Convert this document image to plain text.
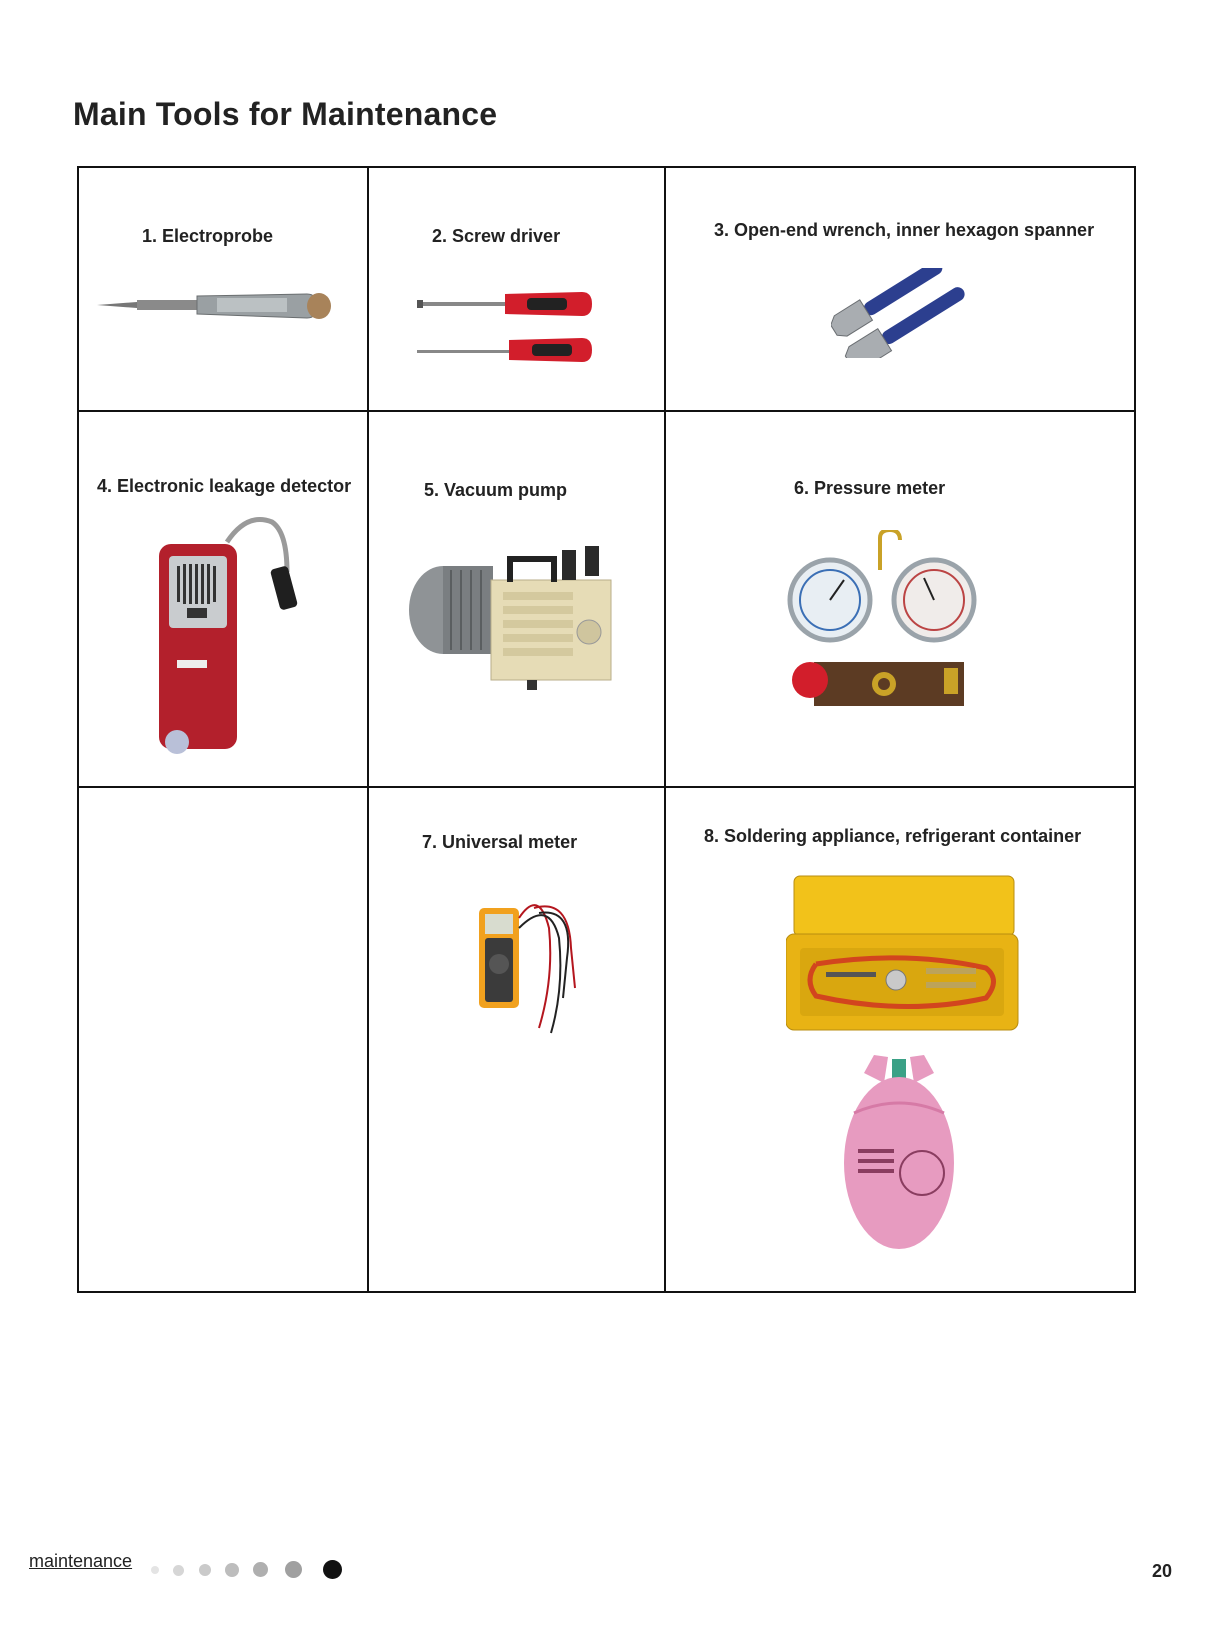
Main Tools for Maintenance
1. Electroprobe	2. Screw driver	3. Open-end wrench, inner hexagon spanner

4. Electronic leakage detector	5. Vacuum pump	6. Pressure meter

	7. Universal meter	8. Soldering appliance, refrigerant container
maintenance	20
